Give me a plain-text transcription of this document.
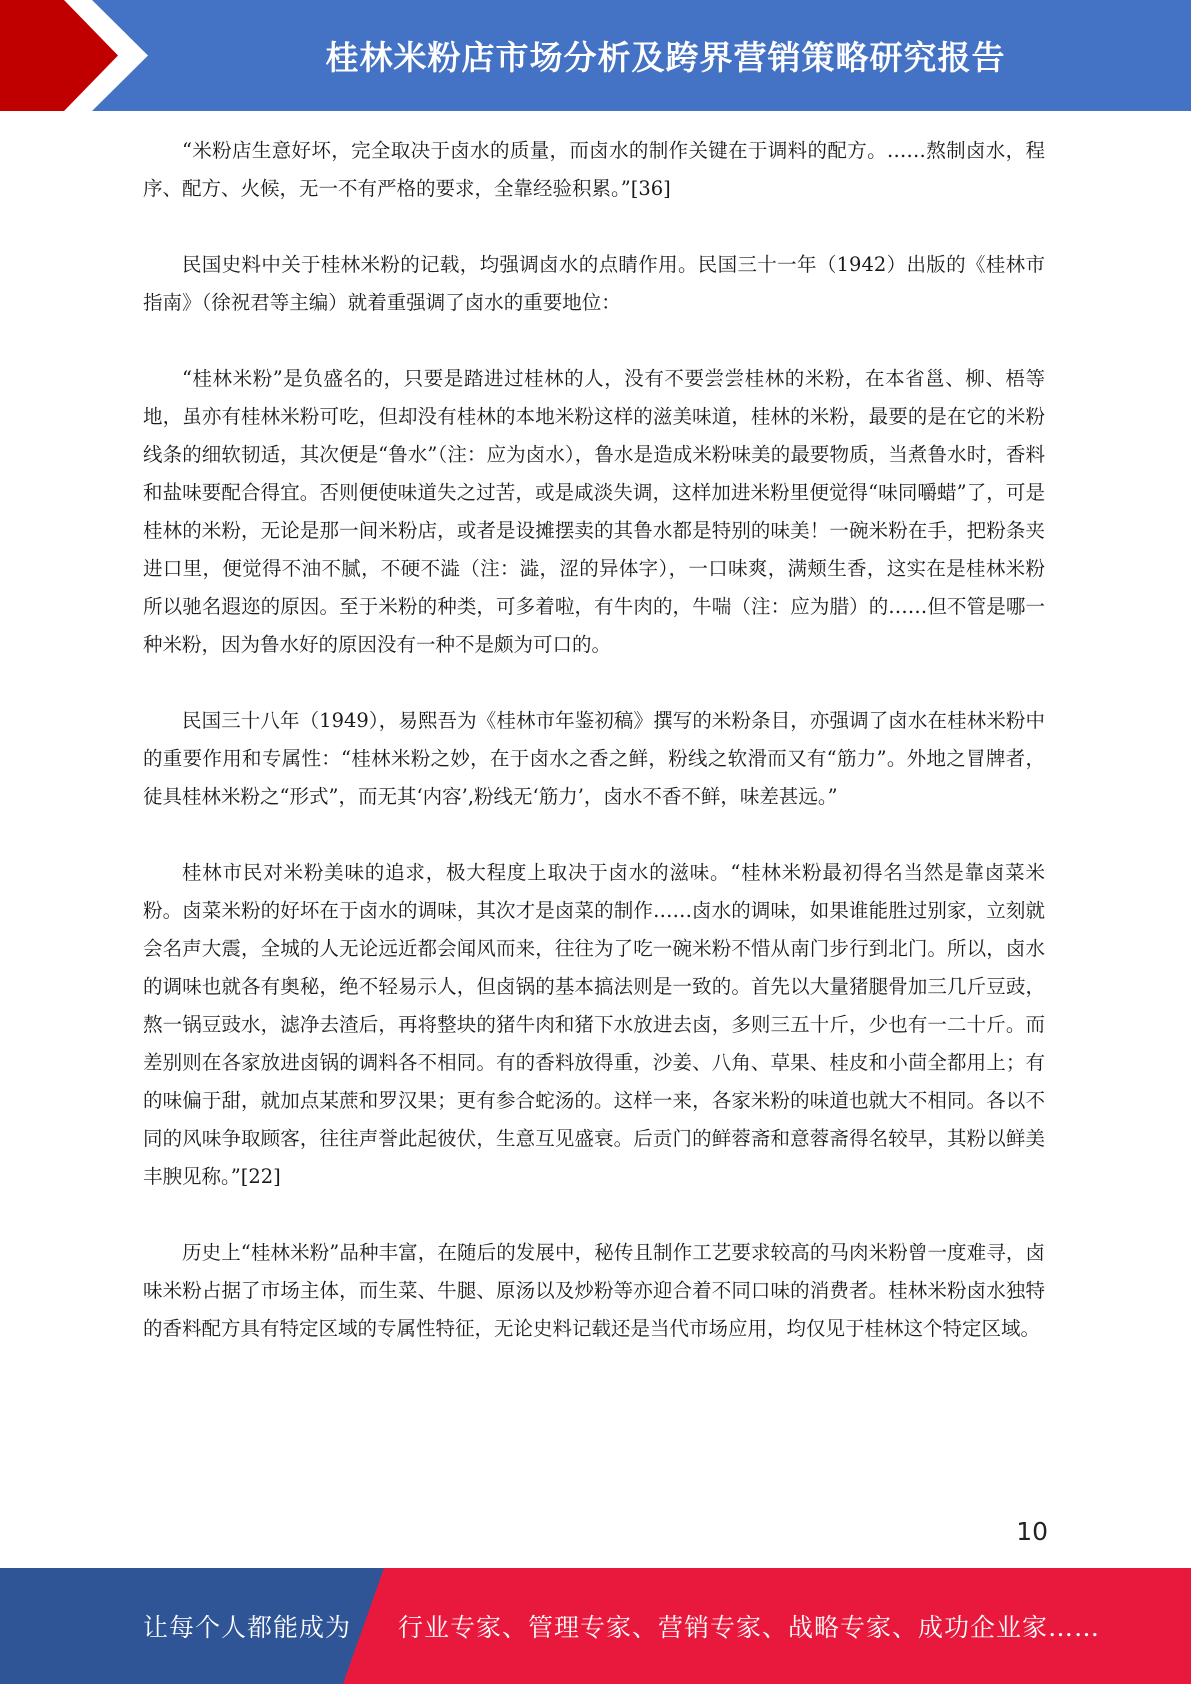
桂林米粉店市场分析及跨界营销策略研究报告

“米粉店生意好坏，完全取决于卤水的质量，而卤水的制作关键在于调料的配方。……熬制卤水，程序、配方、火候，无一不有严格的要求，全靠经验积累。”[36]

民国史料中关于桂林米粉的记载，均强调卤水的点睛作用。民国三十一年（1942）出版的《桂林市指南》（徐祝君等主编）就着重强调了卤水的重要地位：

“桂林米粉”是负盛名的，只要是踏进过桂林的人，没有不要尝尝桂林的米粉，在本省邕、柳、梧等地，虽亦有桂林米粉可吃，但却没有桂林的本地米粉这样的滋美味道，桂林的米粉，最要的是在它的米粉线条的细软韧适，其次便是“鲁水”（注：应为卤水），鲁水是造成米粉味美的最要物质，当煮鲁水时，香料和盐味要配合得宜。否则便使味道失之过苦，或是咸淡失调，这样加进米粉里便觉得“味同嚼蜡”了，可是桂林的米粉，无论是那一间米粉店，或者是设摊摆卖的其鲁水都是特别的味美！一碗米粉在手，把粉条夹进口里，便觉得不油不腻，不硬不澁（注：澁，涩的异体字），一口味爽，满颊生香，这实在是桂林米粉所以驰名遐迩的原因。至于米粉的种类，可多着啦，有牛肉的，牛喘（注：应为腊）的……但不管是哪一种米粉，因为鲁水好的原因没有一种不是颇为可口的。

民国三十八年（1949），易熙吾为《桂林市年鉴初稿》撰写的米粉条目，亦强调了卤水在桂林米粉中的重要作用和专属性：“桂林米粉之妙，在于卤水之香之鲜，粉线之软滑而又有“筋力”。外地之冒牌者，徒具桂林米粉之“形式”，而无其‘内容’,粉线无‘筋力’，卤水不香不鲜，味差甚远。”

桂林市民对米粉美味的追求，极大程度上取决于卤水的滋味。“桂林米粉最初得名当然是靠卤菜米粉。卤菜米粉的好坏在于卤水的调味，其次才是卤菜的制作……卤水的调味，如果谁能胜过别家，立刻就会名声大震，全城的人无论远近都会闻风而来，往往为了吃一碗米粉不惜从南门步行到北门。所以，卤水的调味也就各有奥秘，绝不轻易示人，但卤锅的基本搞法则是一致的。首先以大量猪腿骨加三几斤豆豉，熬一锅豆豉水，滤净去渣后，再将整块的猪牛肉和猪下水放进去卤，多则三五十斤，少也有一二十斤。而差别则在各家放进卤锅的调料各不相同。有的香料放得重，沙姜、八角、草果、桂皮和小茴全都用上；有的味偏于甜，就加点某蔗和罗汉果；更有参合蛇汤的。这样一来，各家米粉的味道也就大不相同。各以不同的风味争取顾客，往往声誉此起彼伏，生意互见盛衰。后贡门的鲜蓉斋和意蓉斋得名较早，其粉以鲜美丰腴见称。”[22]

历史上“桂林米粉”品种丰富，在随后的发展中，秘传且制作工艺要求较高的马肉米粉曾一度难寻，卤味米粉占据了市场主体，而生菜、牛腿、原汤以及炒粉等亦迎合着不同口味的消费者。桂林米粉卤水独特的香料配方具有特定区域的专属性特征，无论史料记载还是当代市场应用，均仅见于桂林这个特定区域。

10
让每个人都能成为 行业专家、管理专家、营销专家、战略专家、成功企业家……
